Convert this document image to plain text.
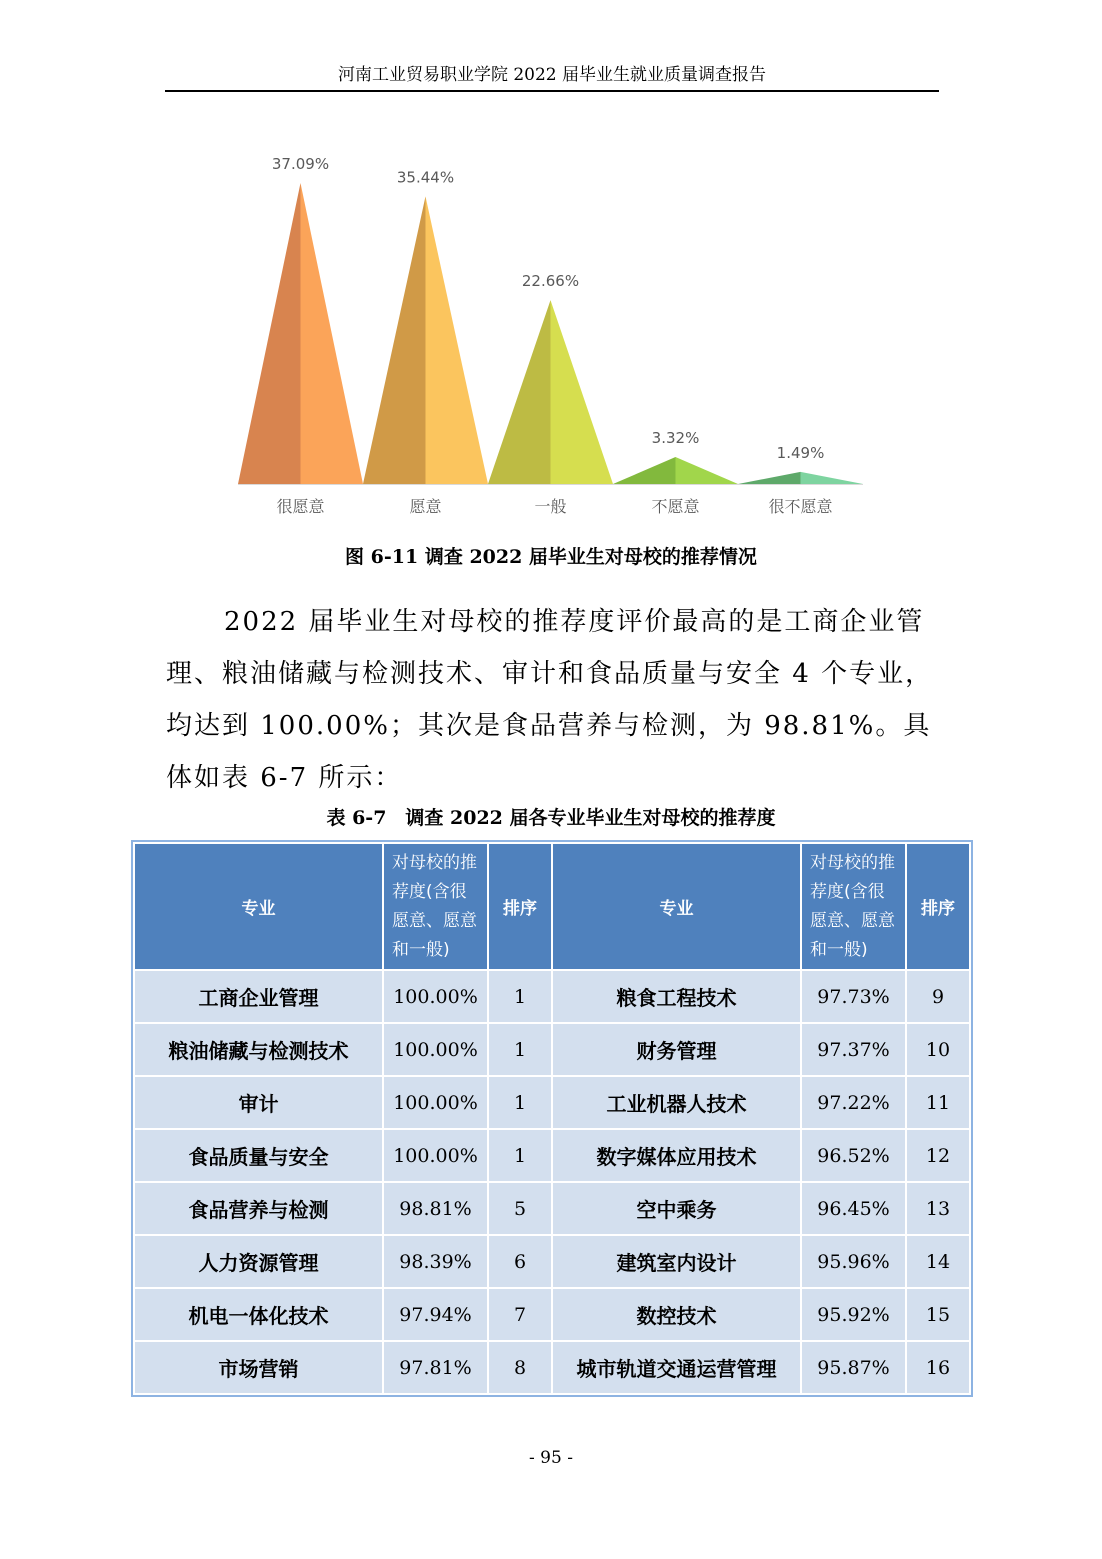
河南工业贸易职业学院 2022 届毕业生就业质量调查报告
37.09%
很愿意
35.44%
愿意
22.66%
一般
3.32%
不愿意
1.49%
很不愿意
图 6-11 调查 2022 届毕业生对母校的推荐情况

2022 届毕业生对母校的推荐度评价最高的是工商企业管理、粮油储藏与检测技术、审计和食品质量与安全 4 个专业，均达到 100.00%；其次是食品营养与检测，为 98.81%。具体如表 6-7 所示：

表 6-7　调查 2022 届各专业毕业生对母校的推荐度
专业	对母校的推荐度(含很愿意、愿意和一般)	排序	专业	对母校的推荐度(含很愿意、愿意和一般)	排序
工商企业管理	100.00%	1	粮食工程技术	97.73%	9
粮油储藏与检测技术	100.00%	1	财务管理	97.37%	10
审计	100.00%	1	工业机器人技术	97.22%	11
食品质量与安全	100.00%	1	数字媒体应用技术	96.52%	12
食品营养与检测	98.81%	5	空中乘务	96.45%	13
人力资源管理	98.39%	6	建筑室内设计	95.96%	14
机电一体化技术	97.94%	7	数控技术	95.92%	15
市场营销	97.81%	8	城市轨道交通运营管理	95.87%	16
- 95 -
